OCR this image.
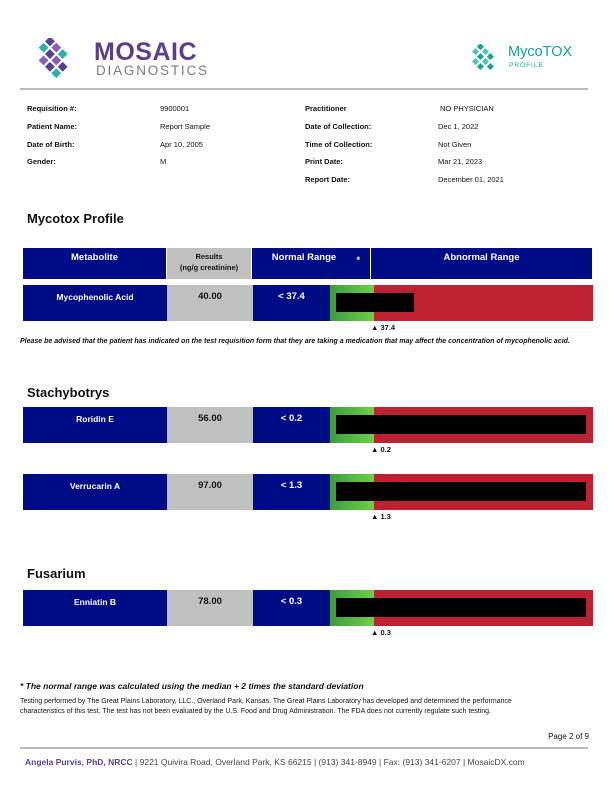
MOSAIC
DIAGNOSTICS
MycoTOX
PROFILE
Requisition #:	9900001
Patient Name:	Report Sample
Date of Birth:	Apr 10, 2005
Gender:	M
Practitioner	NO PHYSICIAN
Date of Collection:	Dec 1, 2022
Time of Collection:	Not Given
Print Date:	Mar 21, 2023
Report Date:	December 01, 2021
Mycotox Profile
Metabolite	Results
(ng/g creatinine)
Normal Range *	Abnormal Range
Mycophenolic Acid	40.00	< 37.4
▲ 37.4
Please be advised that the patient has indicated on the test requisition form that they are taking a medication that may affect the concentration of mycophenolic acid.
Stachybotrys
Roridin E	56.00	< 0.2
▲ 0.2
Verrucarin A	97.00	< 1.3
▲ 1.3
Fusarium
Enniatin B	78.00	< 0.3
▲ 0.3
* The normal range was calculated using the median + 2 times the standard deviation
Testing performed by The Great Plains Laboratory, LLC., Overland Park, Kansas. The Great Plains Laboratory has developed and determined the performance characteristics of this test. The test has not been evaluated by the U.S. Food and Drug Administration. The FDA does not currently regulate such testing.
Page 2 of 9
Angela Purvis, PhD, NRCC | 9221 Quivira Road, Overland Park, KS 66215 | (913) 341-8949 | Fax: (913) 341-6207 | MosaicDX.com
